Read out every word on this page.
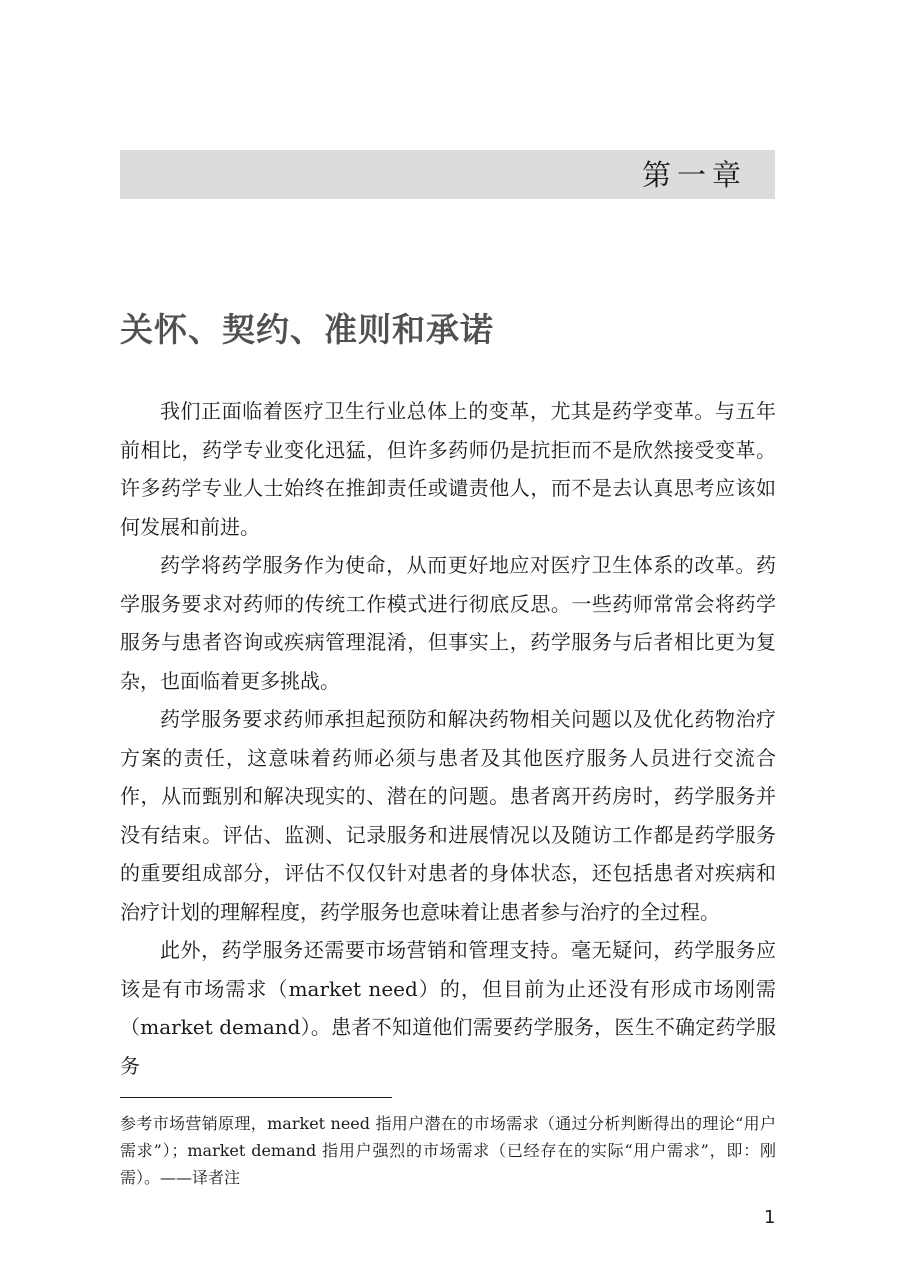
第一章
关怀、契约、准则和承诺

我们正面临着医疗卫生行业总体上的变革，尤其是药学变革。与五年前相比，药学专业变化迅猛，但许多药师仍是抗拒而不是欣然接受变革。许多药学专业人士始终在推卸责任或谴责他人，而不是去认真思考应该如何发展和前进。

药学将药学服务作为使命，从而更好地应对医疗卫生体系的改革。药学服务要求对药师的传统工作模式进行彻底反思。一些药师常常会将药学服务与患者咨询或疾病管理混淆，但事实上，药学服务与后者相比更为复杂，也面临着更多挑战。

药学服务要求药师承担起预防和解决药物相关问题以及优化药物治疗方案的责任，这意味着药师必须与患者及其他医疗服务人员进行交流合作，从而甄别和解决现实的、潜在的问题。患者离开药房时，药学服务并没有结束。评估、监测、记录服务和进展情况以及随访工作都是药学服务的重要组成部分，评估不仅仅针对患者的身体状态，还包括患者对疾病和治疗计划的理解程度，药学服务也意味着让患者参与治疗的全过程。

此外，药学服务还需要市场营销和管理支持。毫无疑问，药学服务应该是有市场需求（market need）的，但目前为止还没有形成市场刚需（market demand）。患者不知道他们需要药学服务，医生不确定药学服务

参考市场营销原理，market need 指用户潜在的市场需求（通过分析判断得出的理论“用户需求”）；market demand 指用户强烈的市场需求（已经存在的实际“用户需求”，即：刚需）。——译者注

1
